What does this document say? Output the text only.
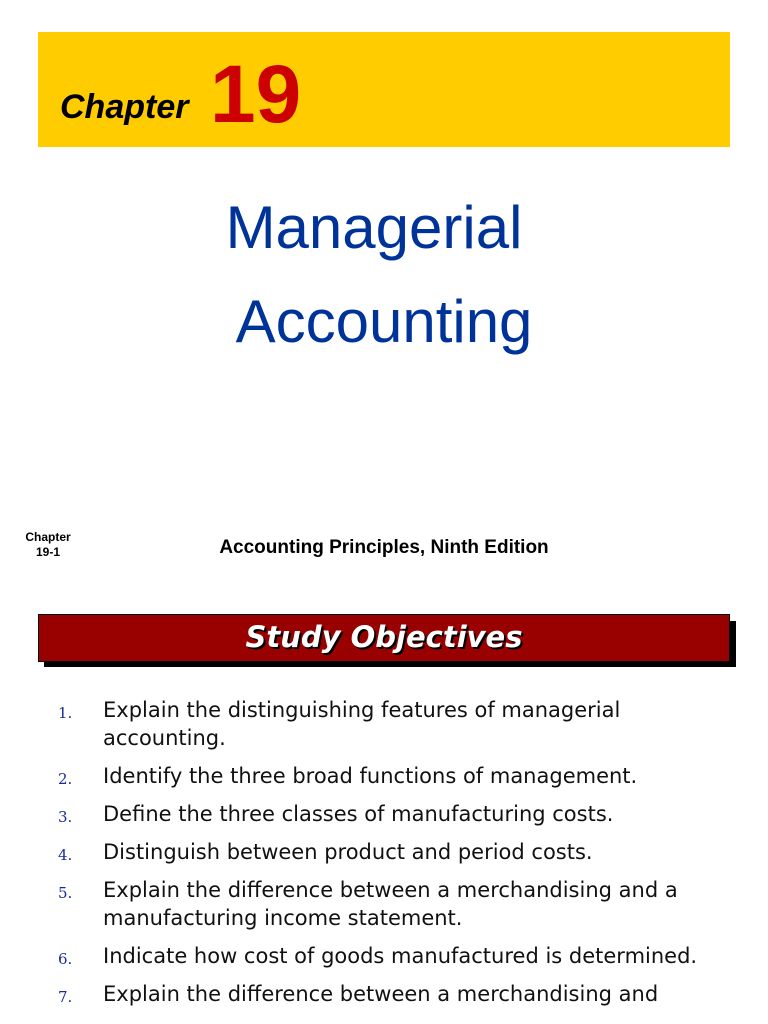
Chapter 19
Managerial
Accounting
Chapter
19-1	Accounting Principles, Ninth Edition
Study Objectives
1. Explain the distinguishing features of managerial accounting.
2. Identify the three broad functions of management.
3. Define the three classes of manufacturing costs.
4. Distinguish between product and period costs.
5. Explain the difference between a merchandising and a manufacturing income statement.
6. Indicate how cost of goods manufactured is determined.
7. Explain the difference between a merchandising and
